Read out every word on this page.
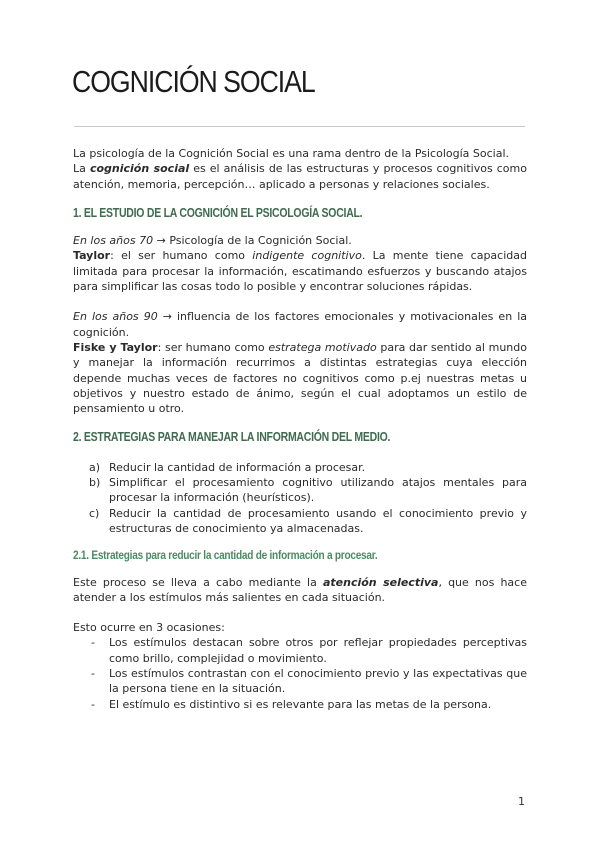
COGNICIÓN SOCIAL

La psicología de la Cognición Social es una rama dentro de la Psicología Social.

La cognición social es el análisis de las estructuras y procesos cognitivos como atención, memoria, percepción… aplicado a personas y relaciones sociales.

1. EL ESTUDIO DE LA COGNICIÓN EL PSICOLOGÍA SOCIAL.

En los años 70 → Psicología de la Cognición Social.

Taylor: el ser humano como indigente cognitivo. La mente tiene capacidad limitada para procesar la información, escatimando esfuerzos y buscando atajos para simplificar las cosas todo lo posible y encontrar soluciones rápidas.

En los años 90 → influencia de los factores emocionales y motivacionales en la cognición.

Fiske y Taylor: ser humano como estratega motivado para dar sentido al mundo y manejar la información recurrimos a distintas estrategias cuya elección depende muchas veces de factores no cognitivos como p.ej nuestras metas u objetivos y nuestro estado de ánimo, según el cual adoptamos un estilo de pensamiento u otro.

2. ESTRATEGIAS PARA MANEJAR LA INFORMACIÓN DEL MEDIO.
a) Reducir la cantidad de información a procesar.
b) Simplificar el procesamiento cognitivo utilizando atajos mentales para procesar la información (heurísticos).
c) Reducir la cantidad de procesamiento usando el conocimiento previo y estructuras de conocimiento ya almacenadas.
2.1. Estrategias para reducir la cantidad de información a procesar.

Este proceso se lleva a cabo mediante la atención selectiva, que nos hace atender a los estímulos más salientes en cada situación.

Esto ocurre en 3 ocasiones:

- Los estímulos destacan sobre otros por reflejar propiedades perceptivas como brillo, complejidad o movimiento.
- Los estímulos contrastan con el conocimiento previo y las expectativas que la persona tiene en la situación.
- El estímulo es distintivo si es relevante para las metas de la persona.
1
